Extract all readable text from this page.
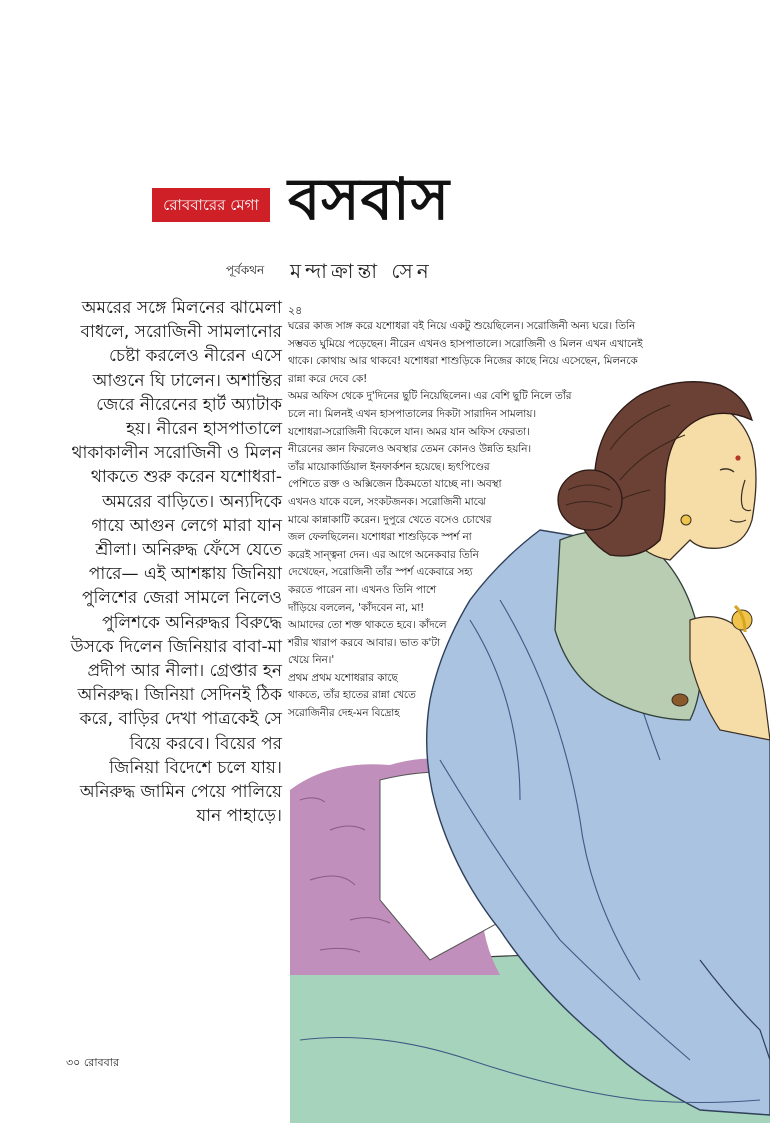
রোববারের মেগা বসবাস
পূর্বকথন মন্দাক্রান্তা সেন
অমরের সঙ্গে মিলনের ঝামেলা
বাধলে, সরোজিনী সামলানোর
চেষ্টা করলেও নীরেন এসে
আগুনে ঘি ঢালেন। অশান্তির
জেরে নীরেনের হার্ট অ্যাটাক
হয়। নীরেন হাসপাতালে
থাকাকালীন সরোজিনী ও মিলন
থাকতে শুরু করেন যশোধরা-
অমরের বাড়িতে। অন্যদিকে
গায়ে আগুন লেগে মারা যান
শ্রীলা। অনিরুদ্ধ ফেঁসে যেতে
পারে— এই আশঙ্কায় জিনিয়া
পুলিশের জেরা সামলে নিলেও
পুলিশকে অনিরুদ্ধর বিরুদ্ধে
উসকে দিলেন জিনিয়ার বাবা-মা
প্রদীপ আর নীলা। গ্রেপ্তার হন
অনিরুদ্ধ। জিনিয়া সেদিনই ঠিক
করে, বাড়ির দেখা পাত্রকেই সে
বিয়ে করবে। বিয়ের পর
জিনিয়া বিদেশে চলে যায়।
অনিরুদ্ধ জামিন পেয়ে পালিয়ে
যান পাহাড়ে।
২৪
ঘরের কাজ সাঙ্গ করে যশোধরা বই নিয়ে একটু শুয়েছিলেন। সরোজিনী অন্য ঘরে। তিনি
সম্ভবত ঘুমিয়ে পড়েছেন। নীরেন এখনও হাসপাতালে। সরোজিনী ও মিলন এখন এখানেই
থাকে। কোথায় আর থাকবে! যশোধরা শাশুড়িকে নিজের কাছে নিয়ে এসেছেন, মিলনকে
রান্না করে দেবে কে!
অমর অফিস থেকে দু'দিনের ছুটি নিয়েছিলেন। এর বেশি ছুটি নিলে তাঁর
চলে না। মিলনই এখন হাসপাতালের দিকটা সারাদিন সামলায়।
যশোধরা-সরোজিনী বিকেলে যান। অমর যান অফিস ফেরতা।
নীরেনের জ্ঞান ফিরলেও অবস্থার তেমন কোনও উন্নতি হয়নি।
তাঁর মায়োকার্ডিয়াল ইনফার্কশন হয়েছে। হৃৎপিণ্ডের
পেশিতে রক্ত ও অক্সিজেন ঠিকমতো যাচ্ছে না। অবস্থা
এখনও যাকে বলে, সংকটজনক। সরোজিনী মাঝে
মাঝে কান্নাকাটি করেন। দুপুরে খেতে বসেও চোখের
জল ফেলছিলেন। যশোধরা শাশুড়িকে স্পর্শ না
করেই সান্ত্বনা দেন। এর আগে অনেকবার তিনি
দেখেছেন, সরোজিনী তাঁর স্পর্শ একেবারে সহ্য
করতে পারেন না। এখনও তিনি পাশে
দাঁড়িয়ে বললেন, 'কাঁদবেন না, মা!
আমাদের তো শক্ত থাকতে হবে। কাঁদলে
শরীর খারাপ করবে আবার। ভাত ক'টা
খেয়ে নিন।'
প্রথম প্রথম যশোধরার কাছে
থাকতে, তাঁর হাতের রান্না খেতে
সরোজিনীর দেহ-মন বিদ্রোহ
৩০ রোববার
